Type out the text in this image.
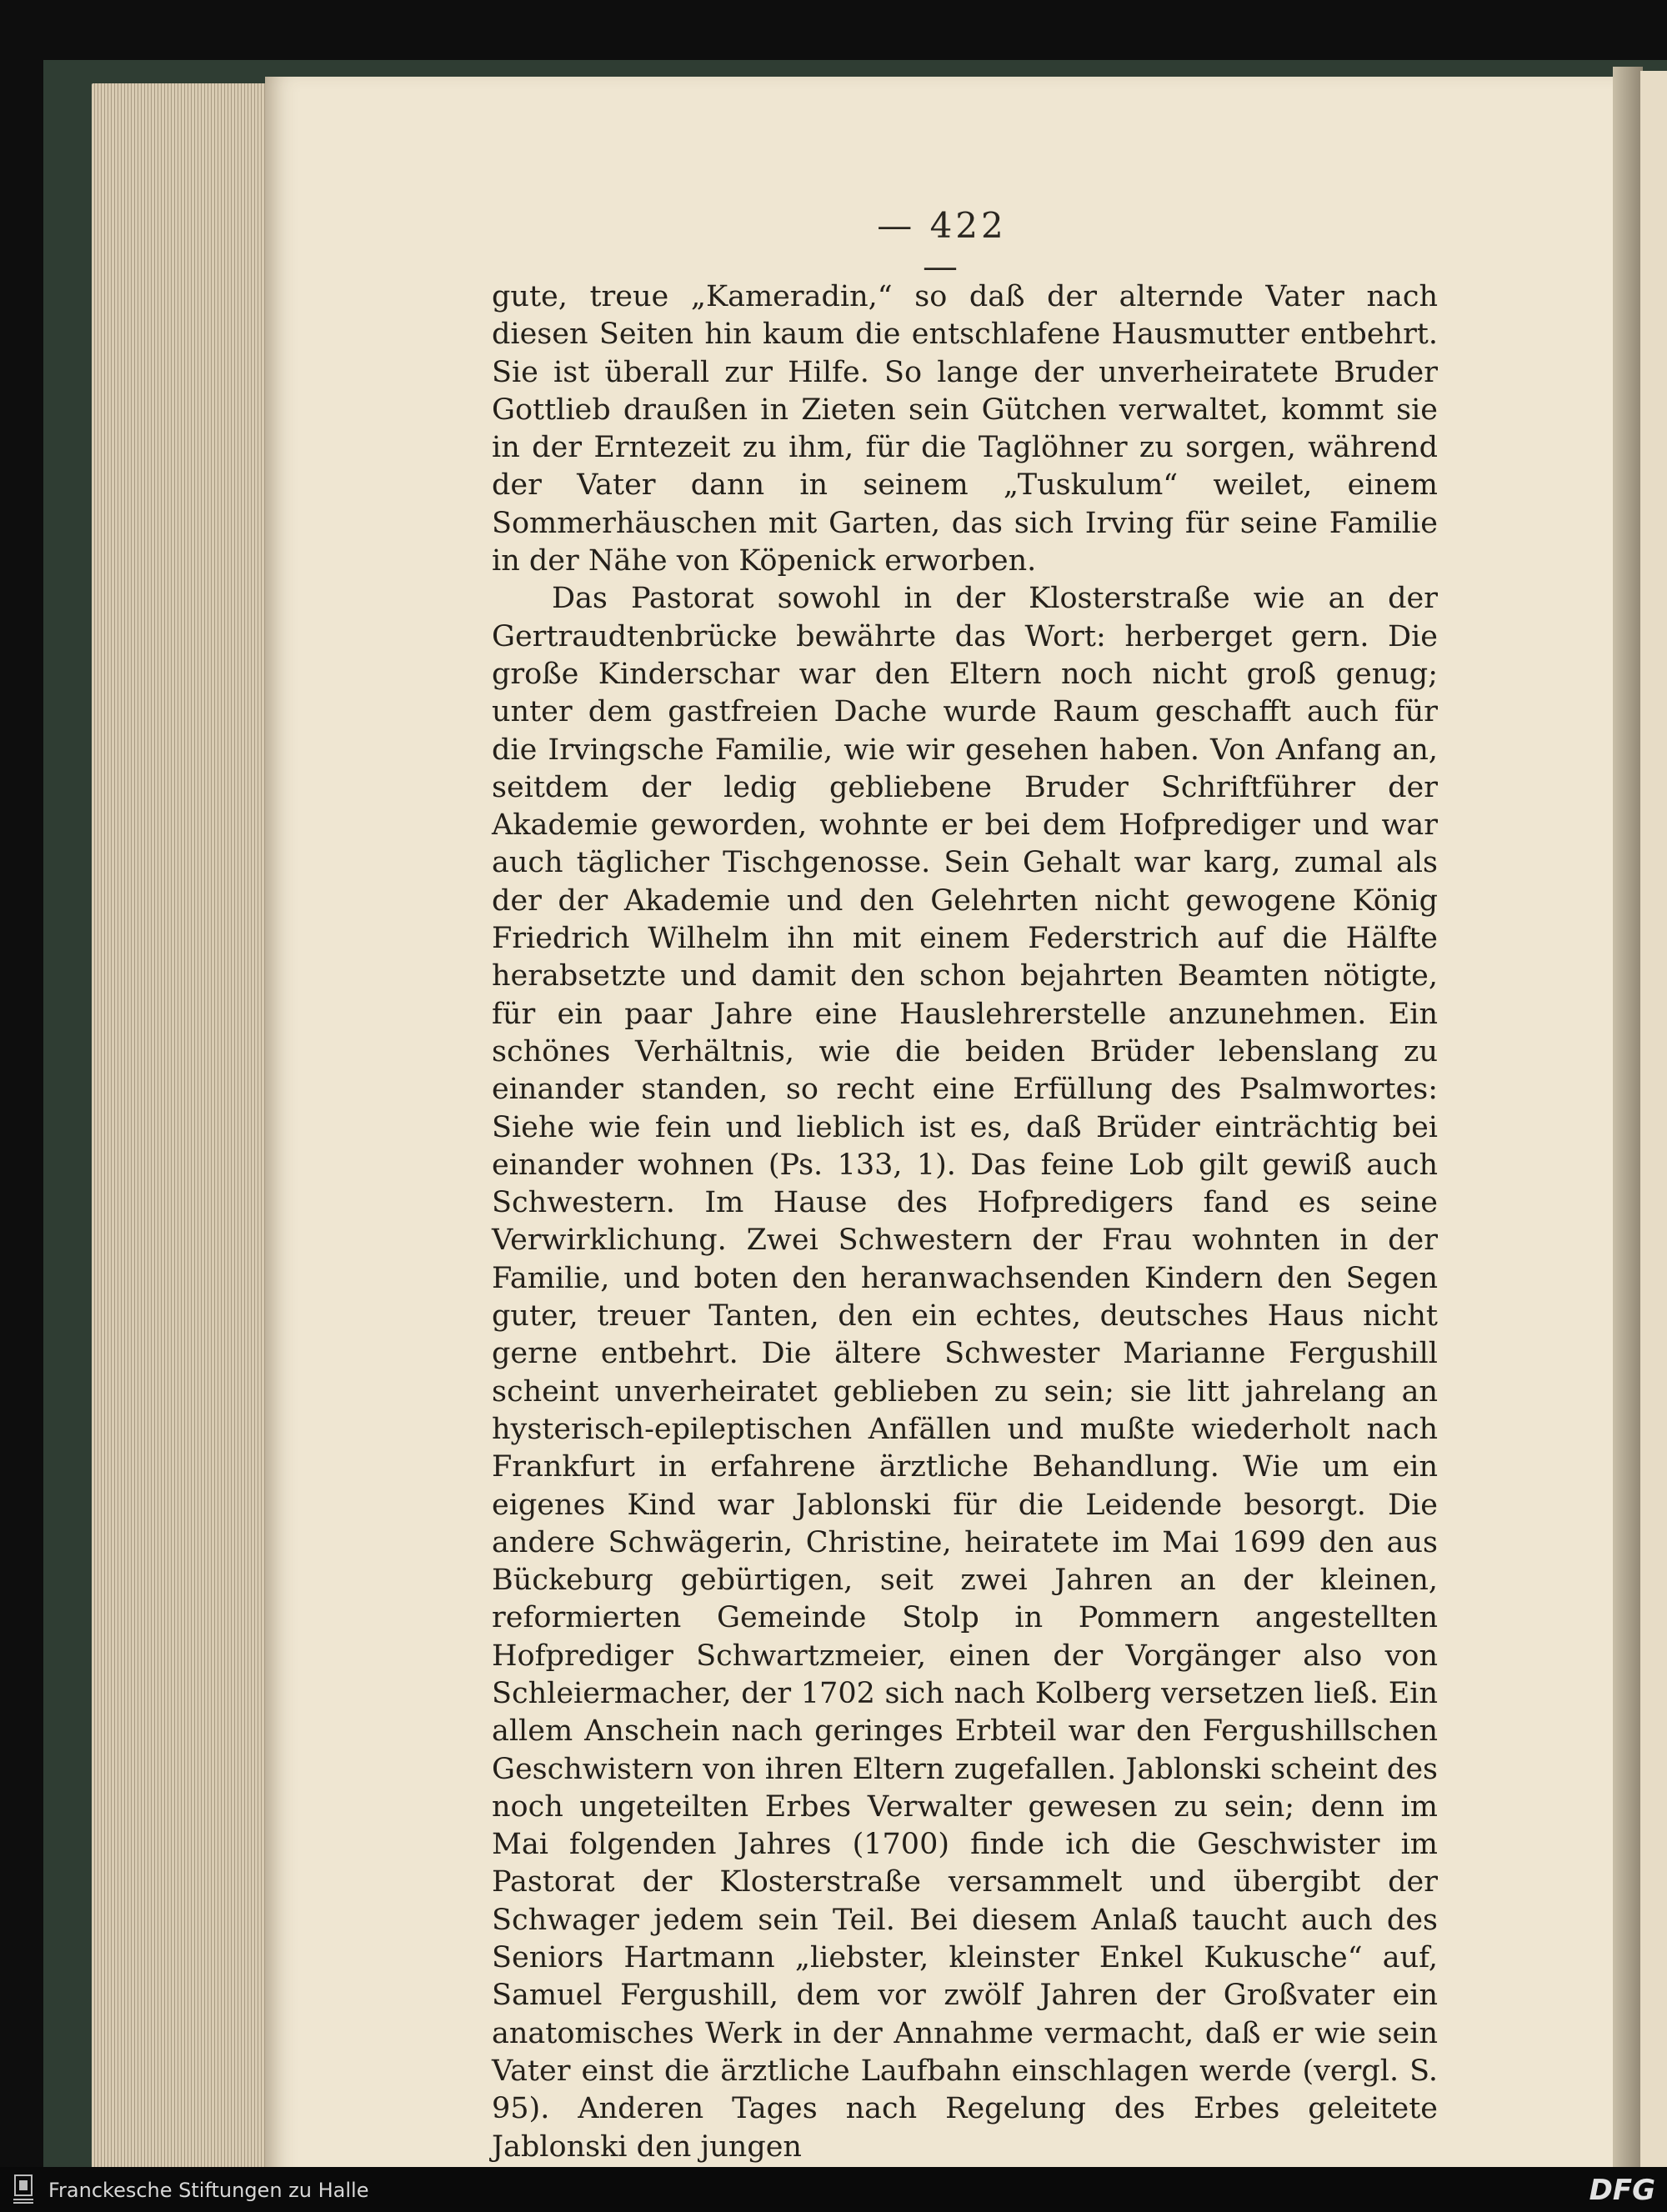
— 422 —

gute, treue „Kameradin,“ so daß der alternde Vater nach diesen Seiten hin kaum die entschlafene Hausmutter entbehrt. Sie ist überall zur Hilfe. So lange der unverheiratete Bruder Gottlieb draußen in Zieten sein Gütchen verwaltet, kommt sie in der Erntezeit zu ihm, für die Taglöhner zu sorgen, während der Vater dann in seinem „Tuskulum“ weilet, einem Sommerhäuschen mit Garten, das sich Irving für seine Familie in der Nähe von Köpenick erworben.

Das Pastorat sowohl in der Klosterstraße wie an der Gertraudtenbrücke bewährte das Wort: herberget gern. Die große Kinderschar war den Eltern noch nicht groß genug; unter dem gastfreien Dache wurde Raum geschafft auch für die Irvingsche Familie, wie wir gesehen haben. Von Anfang an, seitdem der ledig gebliebene Bruder Schriftführer der Akademie geworden, wohnte er bei dem Hofprediger und war auch täglicher Tischgenosse. Sein Gehalt war karg, zumal als der der Akademie und den Gelehrten nicht gewogene König Friedrich Wilhelm ihn mit einem Federstrich auf die Hälfte herabsetzte und damit den schon bejahrten Beamten nötigte, für ein paar Jahre eine Hauslehrerstelle anzunehmen. Ein schönes Verhältnis, wie die beiden Brüder lebenslang zu einander standen, so recht eine Erfüllung des Psalmwortes: Siehe wie fein und lieblich ist es, daß Brüder einträchtig bei einander wohnen (Ps. 133, 1). Das feine Lob gilt gewiß auch Schwestern. Im Hause des Hofpredigers fand es seine Verwirklichung. Zwei Schwestern der Frau wohnten in der Familie, und boten den heranwachsenden Kindern den Segen guter, treuer Tanten, den ein echtes, deutsches Haus nicht gerne entbehrt. Die ältere Schwester Marianne Fergushill scheint unverheiratet geblieben zu sein; sie litt jahrelang an hysterisch-epileptischen Anfällen und mußte wiederholt nach Frankfurt in erfahrene ärztliche Behandlung. Wie um ein eigenes Kind war Jablonski für die Leidende besorgt. Die andere Schwägerin, Christine, heiratete im Mai 1699 den aus Bückeburg gebürtigen, seit zwei Jahren an der kleinen, reformierten Gemeinde Stolp in Pommern angestellten Hofprediger Schwartzmeier, einen der Vorgänger also von Schleiermacher, der 1702 sich nach Kolberg versetzen ließ. Ein allem Anschein nach geringes Erbteil war den Fergushillschen Geschwistern von ihren Eltern zugefallen. Jablonski scheint des noch ungeteilten Erbes Verwalter gewesen zu sein; denn im Mai folgenden Jahres (1700) finde ich die Geschwister im Pastorat der Klosterstraße versammelt und übergibt der Schwager jedem sein Teil. Bei diesem Anlaß taucht auch des Seniors Hartmann „liebster, kleinster Enkel Kukusche“ auf, Samuel Fergushill, dem vor zwölf Jahren der Großvater ein anatomisches Werk in der Annahme vermacht, daß er wie sein Vater einst die ärztliche Laufbahn einschlagen werde (vergl. S. 95). Anderen Tages nach Regelung des Erbes geleitete Jablonski den jungen

Franckesche Stiftungen zu Halle	DFG
